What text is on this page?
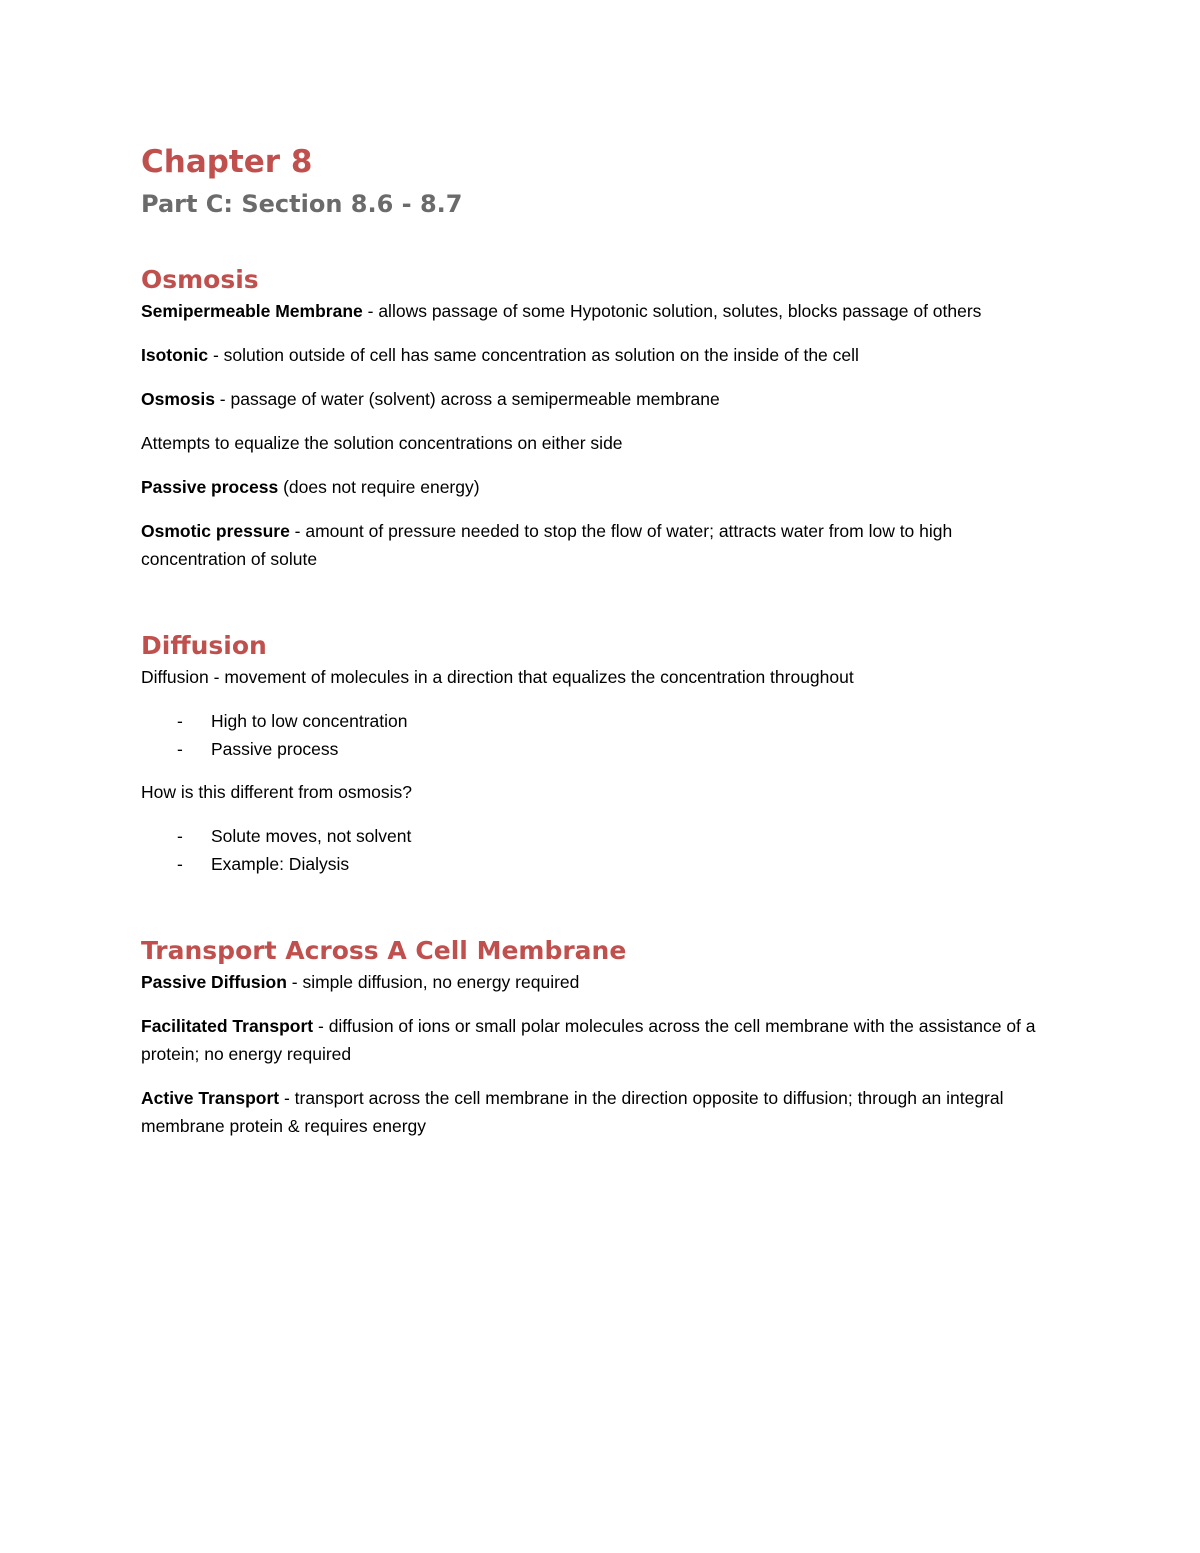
Chapter 8
Part C: Section 8.6 - 8.7
Osmosis

Semipermeable Membrane - allows passage of some Hypotonic solution, solutes, blocks passage of others

Isotonic - solution outside of cell has same concentration as solution on the inside of the cell

Osmosis - passage of water (solvent) across a semipermeable membrane

Attempts to equalize the solution concentrations on either side

Passive process (does not require energy)

Osmotic pressure - amount of pressure needed to stop the flow of water; attracts water from low to high concentration of solute

Diffusion

Diffusion - movement of molecules in a direction that equalizes the concentration throughout

- High to low concentration
- Passive process

How is this different from osmosis?

- Solute moves, not solvent
- Example: Dialysis
Transport Across A Cell Membrane

Passive Diffusion - simple diffusion, no energy required

Facilitated Transport - diffusion of ions or small polar molecules across the cell membrane with the assistance of a protein; no energy required

Active Transport - transport across the cell membrane in the direction opposite to diffusion; through an integral membrane protein & requires energy
